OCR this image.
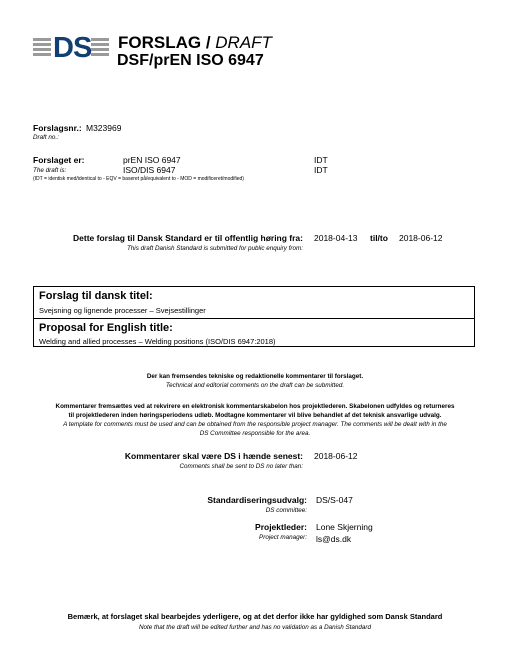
DS FORSLAG / DRAFT
DSF/prEN ISO 6947
Forslagsnr.: M323969
Draft no.:
Forslaget er:	prEN ISO 6947	IDT
The draft is:	ISO/DIS 6947	IDT
(IDT = identisk med/identical to - EQV = baseret på/equivalent to - MOD = modificeret/modified)
Dette forslag til Dansk Standard er til offentlig høring fra:
This draft Danish Standard is submitted for public enquiry from:
2018-04-13 til/to 2018-06-12
Forslag til dansk titel:
Svejsning og lignende processer – Svejsestillinger
Proposal for English title:
Welding and allied processes – Welding positions (ISO/DIS 6947:2018)
Der kan fremsendes tekniske og redaktionelle kommentarer til forslaget.
Technical and editorial comments on the draft can be submitted.
Kommentarer fremsættes ved at rekvirere en elektronisk kommentarskabelon hos projektlederen. Skabelonen udfyldes og returneres
til projektlederen inden høringsperiodens udløb. Modtagne kommentarer vil blive behandlet af det teknisk ansvarlige udvalg.
A template for comments must be used and can be obtained from the responsible project manager. The comments will be dealt with in the
DS Committee responsible for the area.
Kommentarer skal være DS i hænde senest:
Comments shall be sent to DS no later than:
2018-06-12
Standardiseringsudvalg:
DS committee:
DS/S-047
Projektleder:
Project manager:
Lone Skjerning
ls@ds.dk
Bemærk, at forslaget skal bearbejdes yderligere, og at det derfor ikke har gyldighed som Dansk Standard
Note that the draft will be edited further and has no validation as a Danish Standard
